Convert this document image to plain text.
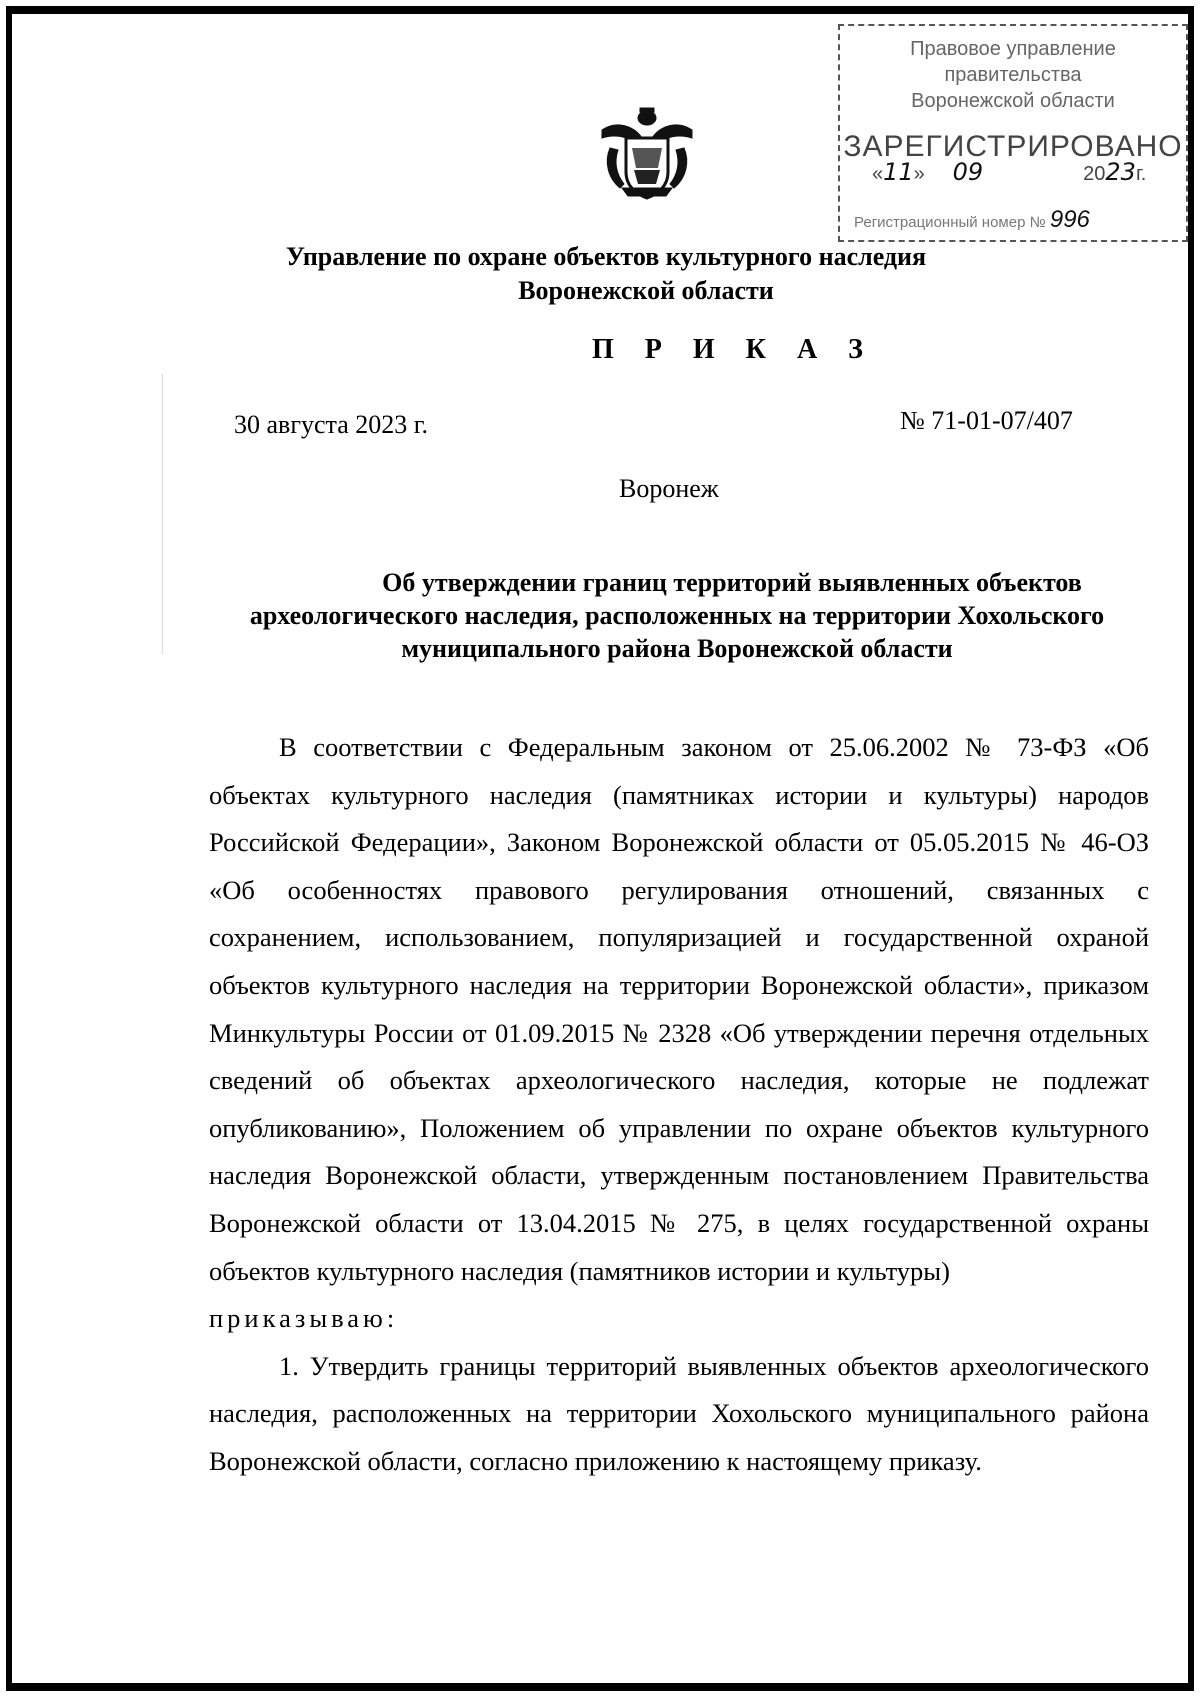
Правовое управление правительства
Воронежской области
ЗАРЕГИСТРИРОВАНО
«11»     09	2023г.
Регистрационный номер № 996
Управление по охране объектов культурного наследия
Воронежской области
П Р И К А З
30 августа 2023 г.	№ 71-01-07/407
Воронеж
Об утверждении границ территорий выявленных объектов
археологического наследия, расположенных на территории Хохольского
муниципального района Воронежской области

В соответствии с Федеральным законом от 25.06.2002 № 73-ФЗ «Об объектах культурного наследия (памятниках истории и культуры) народов Российской Федерации», Законом Воронежской области от 05.05.2015 № 46-ОЗ «Об особенностях правового регулирования отношений, связанных с сохранением, использованием, популяризацией и государственной охраной объектов культурного наследия на территории Воронежской области», приказом Минкультуры России от 01.09.2015 № 2328 «Об утверждении перечня отдельных сведений об объектах археологического наследия, которые не подлежат опубликованию», Положением об управлении по охране объектов культурного наследия Воронежской области, утвержденным постановлением Правительства Воронежской области от 13.04.2015 № 275, в целях государственной охраны объектов культурного наследия (памятников истории и культуры)

приказываю:

1. Утвердить границы территорий выявленных объектов археологического наследия, расположенных на территории Хохольского муниципального района Воронежской области, согласно приложению к настоящему приказу.
